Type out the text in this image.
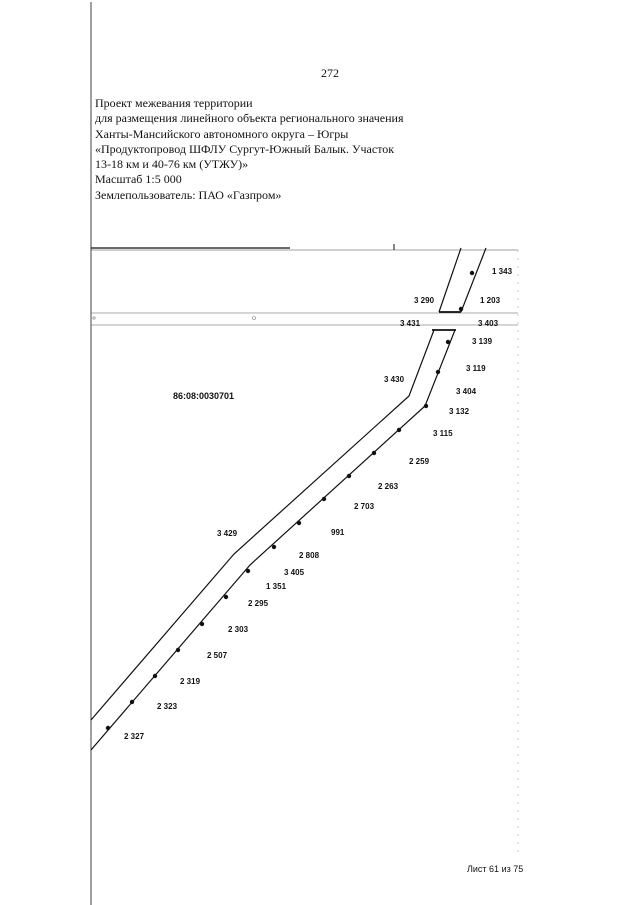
272
Проект межевания территории
для размещения линейного объекта регионального значения
Ханты-Мансийского автономного округа – Югры
«Продуктопровод ШФЛУ Сургут-Южный Балык. Участок
13-18 км и 40-76 км (УТЖУ)»
Масштаб 1:5 000
Землепользователь: ПАО «Газпром»
86:08:0030701
1 343
3 290	1 203
3 431	3 403
3 139
3 430
3 119
3 404
3 132
3 115
2 259
2 263
2 703
3 429	991
2 808
3 405
1 351
2 295
2 303
2 507
2 319
2 323
2 327
Лист 61 из 75
